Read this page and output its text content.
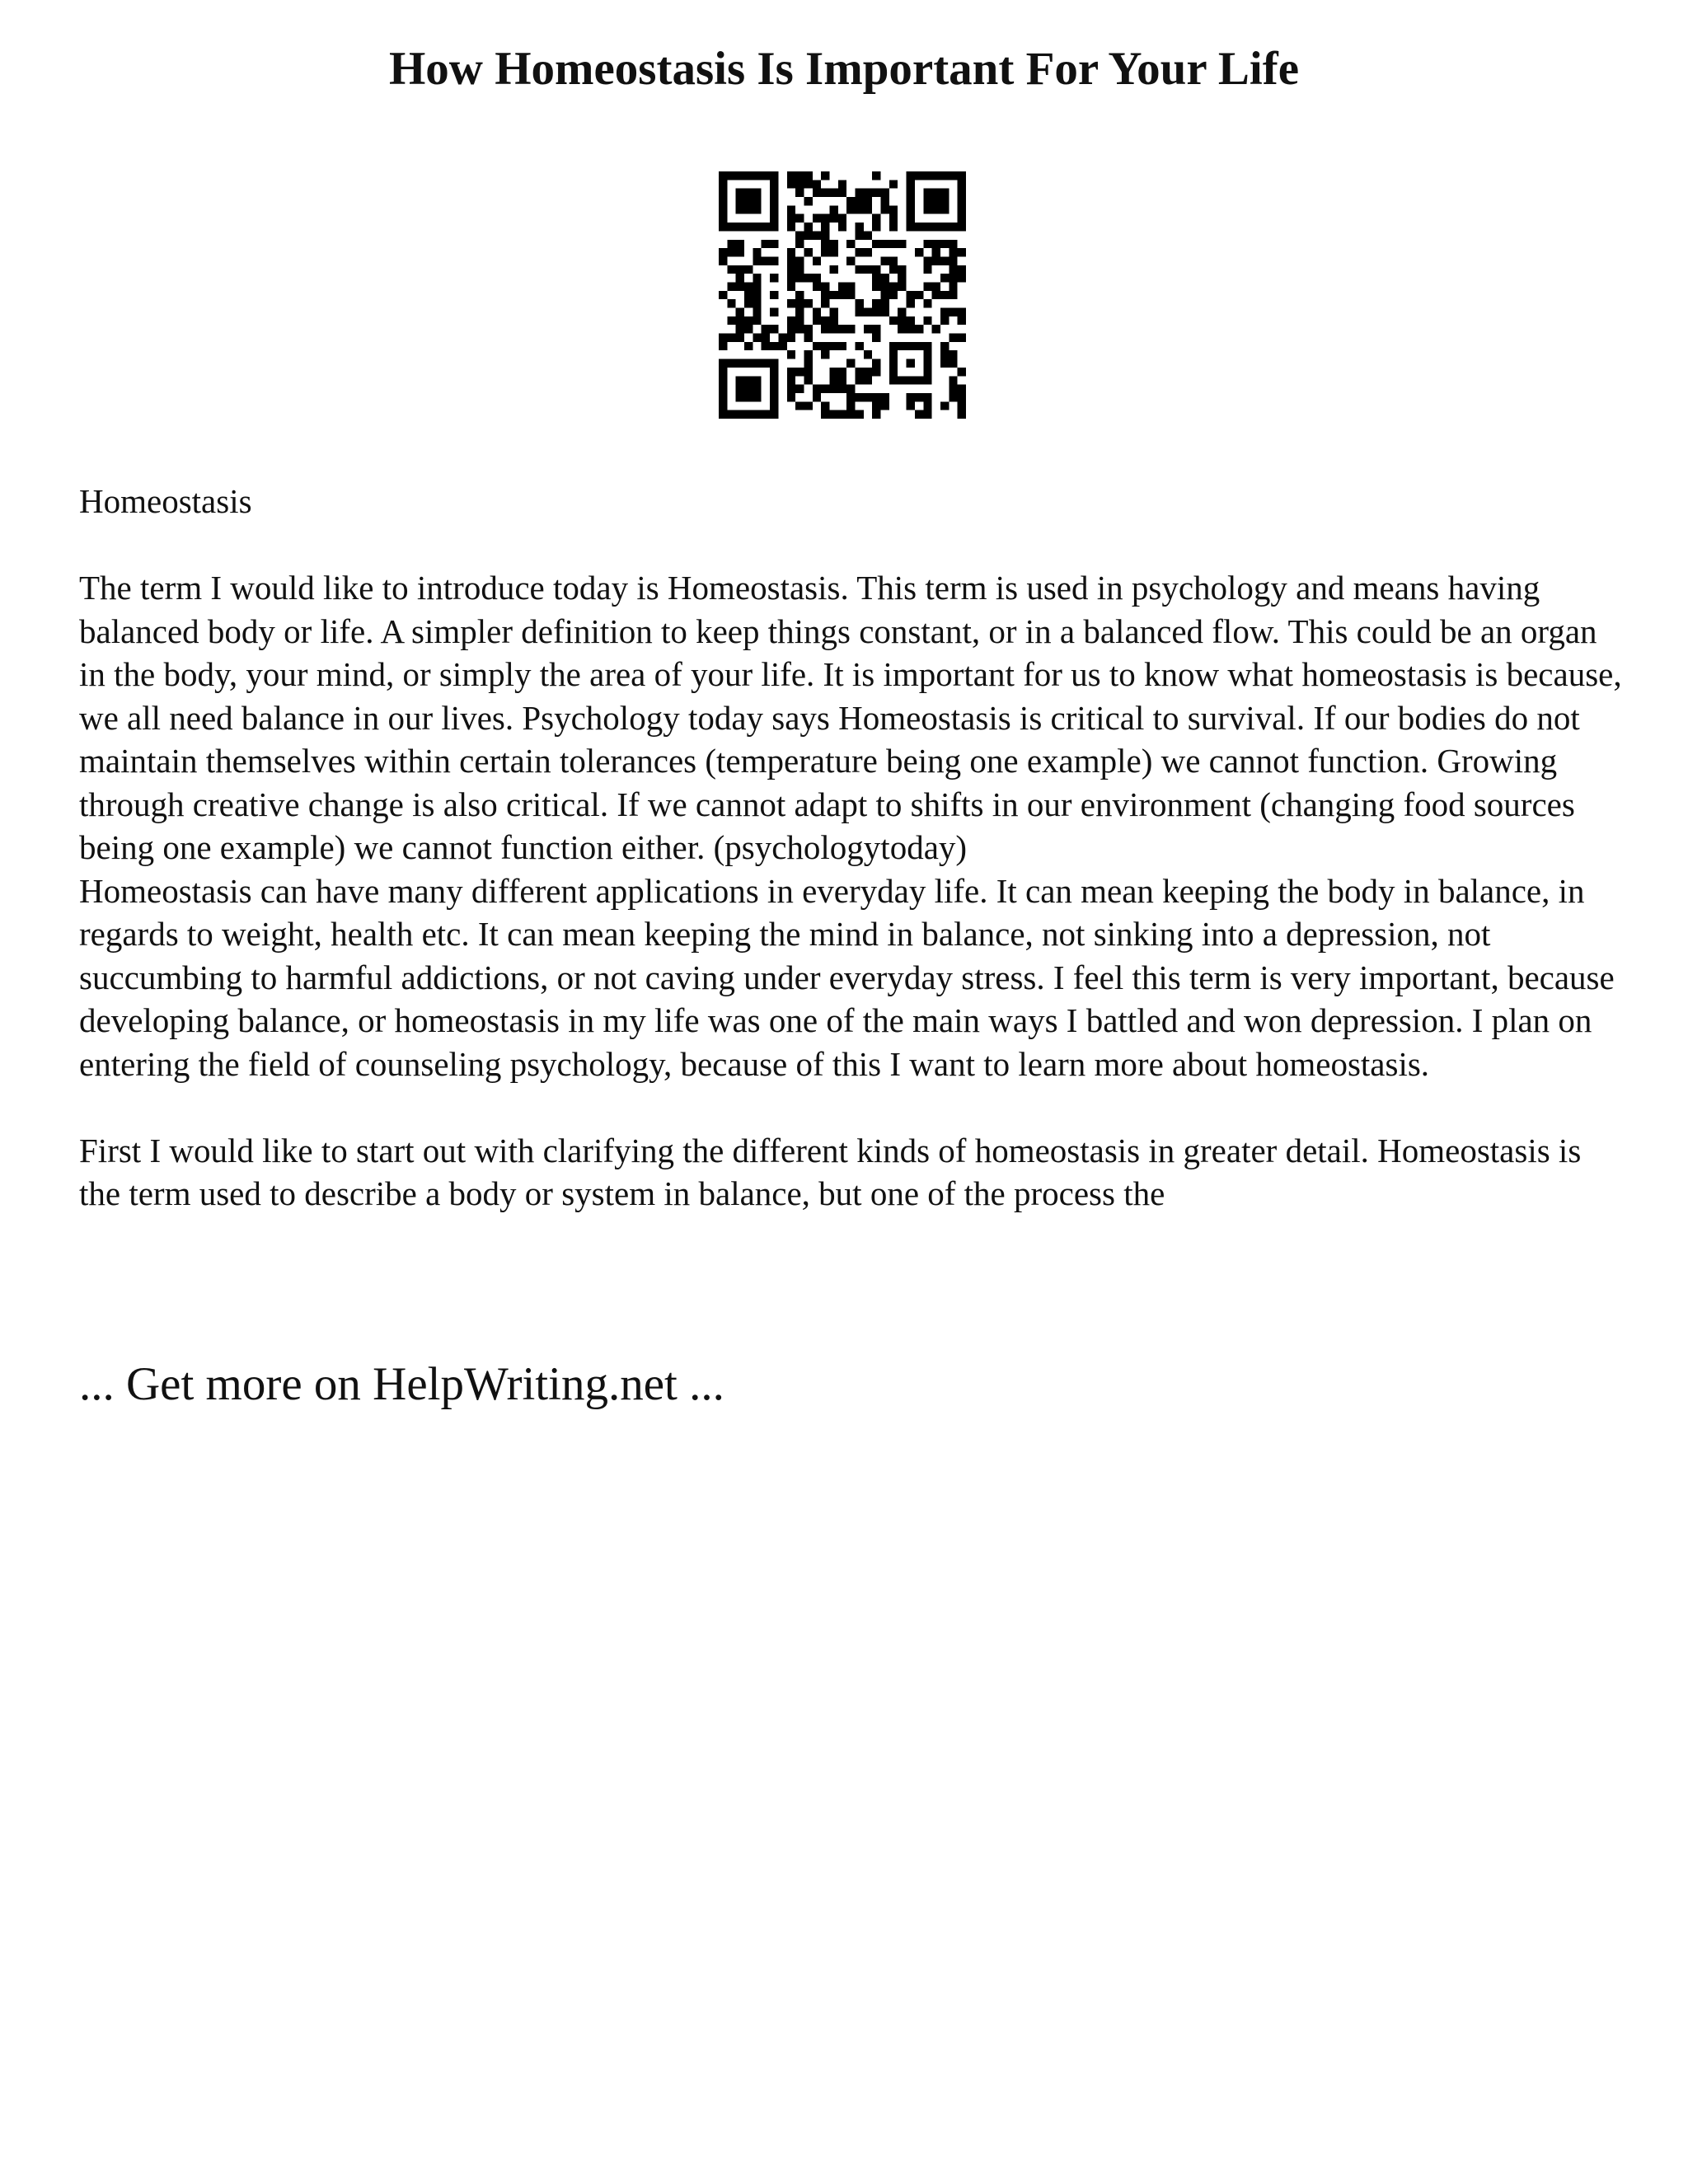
How Homeostasis Is Important For Your Life

Homeostasis

The term I would like to introduce today is Homeostasis. This term is used in psychology and means having balanced body or life. A simpler definition to keep things constant, or in a balanced flow. This could be an organ in the body, your mind, or simply the area of your life. It is important for us to know what homeostasis is because, we all need balance in our lives. Psychology today says Homeostasis is critical to survival. If our bodies do not maintain themselves within certain tolerances (temperature being one example) we cannot function. Growing through creative change is also critical. If we cannot adapt to shifts in our environment (changing food sources being one example) we cannot function either. (psychologytoday)

Homeostasis can have many different applications in everyday life. It can mean keeping the body in balance, in regards to weight, health etc. It can mean keeping the mind in balance, not sinking into a depression, not succumbing to harmful addictions, or not caving under everyday stress. I feel this term is very important, because developing balance, or homeostasis in my life was one of the main ways I battled and won depression. I plan on entering the field of counseling psychology, because of this I want to learn more about homeostasis.

First I would like to start out with clarifying the different kinds of homeostasis in greater detail. Homeostasis is the term used to describe a body or system in balance, but one of the process the

... Get more on HelpWriting.net ...
